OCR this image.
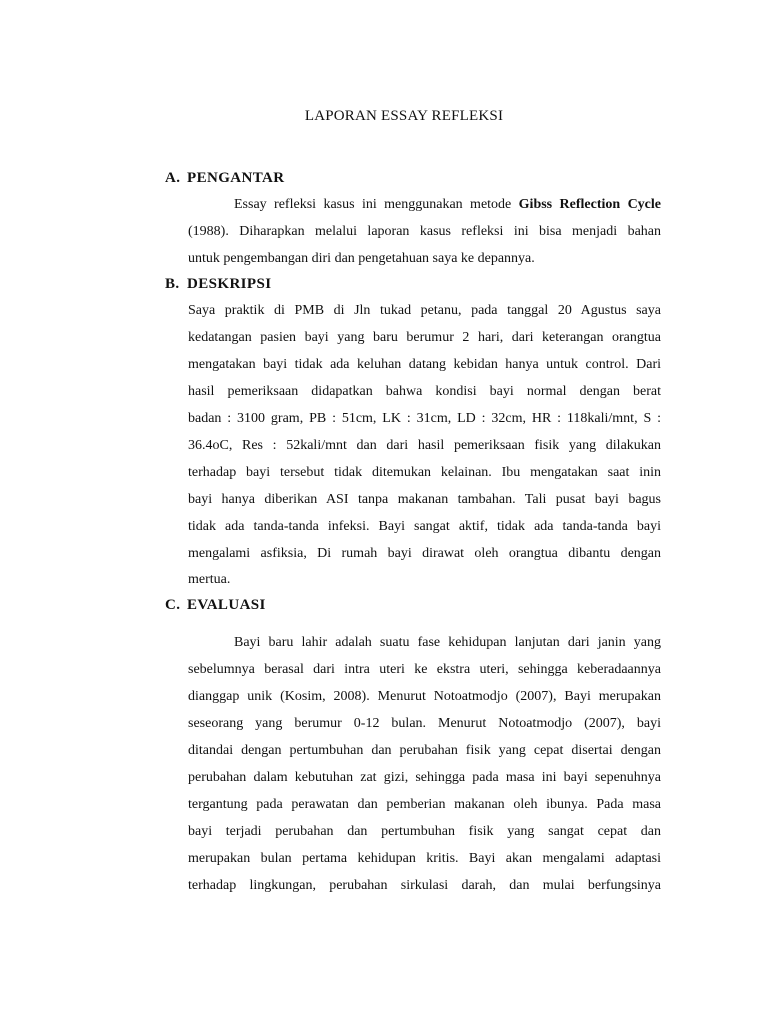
LAPORAN ESSAY REFLEKSI
A. PENGANTAR
Essay refleksi kasus ini menggunakan metode Gibss Reflection Cycle
(1988). Diharapkan melalui laporan kasus refleksi ini bisa menjadi bahan
untuk pengembangan diri dan pengetahuan saya ke depannya.
B. DESKRIPSI
Saya praktik di PMB di Jln tukad petanu, pada tanggal 20 Agustus saya
kedatangan pasien bayi yang baru berumur 2 hari, dari keterangan orangtua
mengatakan bayi tidak ada keluhan datang kebidan hanya untuk control. Dari
hasil pemeriksaan didapatkan bahwa kondisi bayi normal dengan berat
badan : 3100 gram, PB : 51cm, LK : 31cm, LD : 32cm, HR : 118kali/mnt, S :
36.4oC, Res : 52kali/mnt dan dari hasil pemeriksaan fisik yang dilakukan
terhadap bayi tersebut tidak ditemukan kelainan. Ibu mengatakan saat inin
bayi hanya diberikan ASI tanpa makanan tambahan. Tali pusat bayi bagus
tidak ada tanda-tanda infeksi. Bayi sangat aktif, tidak ada tanda-tanda bayi
mengalami asfiksia, Di rumah bayi dirawat oleh orangtua dibantu dengan
mertua.
C. EVALUASI
Bayi baru lahir adalah suatu fase kehidupan lanjutan dari janin yang
sebelumnya berasal dari intra uteri ke ekstra uteri, sehingga keberadaannya
dianggap unik (Kosim, 2008). Menurut Notoatmodjo (2007), Bayi merupakan
seseorang yang berumur 0-12 bulan. Menurut Notoatmodjo (2007), bayi
ditandai dengan pertumbuhan dan perubahan fisik yang cepat disertai dengan
perubahan dalam kebutuhan zat gizi, sehingga pada masa ini bayi sepenuhnya
tergantung pada perawatan dan pemberian makanan oleh ibunya. Pada masa
bayi terjadi perubahan dan pertumbuhan fisik yang sangat cepat dan
merupakan bulan pertama kehidupan kritis. Bayi akan mengalami adaptasi
terhadap lingkungan, perubahan sirkulasi darah, dan mulai berfungsinya
